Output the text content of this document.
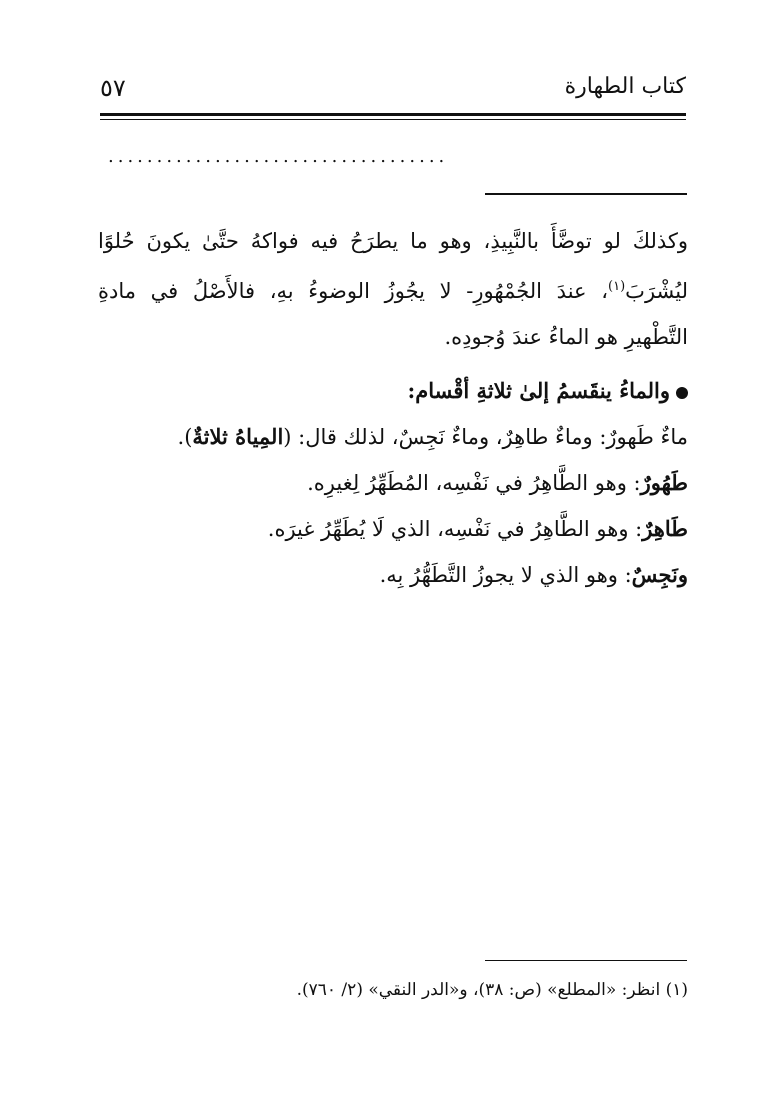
كتاب الطهارة
٥٧
...................................
وكذلكَ لو توضَّأَ بالنَّبِيذِ، وهو ما يطرَحُ فيه فواكهُ حتَّىٰ يكونَ حُلوًا
ليُشْرَبَ$^{(١)}$، عندَ الجُمْهُورِ- لا يجُوزُ الوضوءُ بهِ، فالأَصْلُ في مادةِ
التَّطْهيرِ هو الماءُ عندَ وُجودِه.
والماءُ ينقَسمُ إلىٰ ثلاثةِ أقْسام:
ماءٌ طَهورٌ: وماءٌ طاهِرٌ، وماءٌ نَجِسٌ، لذلك قال: (المِياهُ ثلاثةٌ).
طَهُورٌ: وهو الطَّاهِرُ في نَفْسِه، المُطَهِّرُ لِغيرِه.
طَاهِرٌ: وهو الطَّاهِرُ في نَفْسِه، الذي لَا يُطَهِّرُ غيرَه.
ونَجِسٌ: وهو الذي لا يجوزُ التَّطَهُّرُ بِه.
(١) انظر: «المطلع» (ص: ٣٨)، و«الدر النقي» (٢/ ٧٦٠).
